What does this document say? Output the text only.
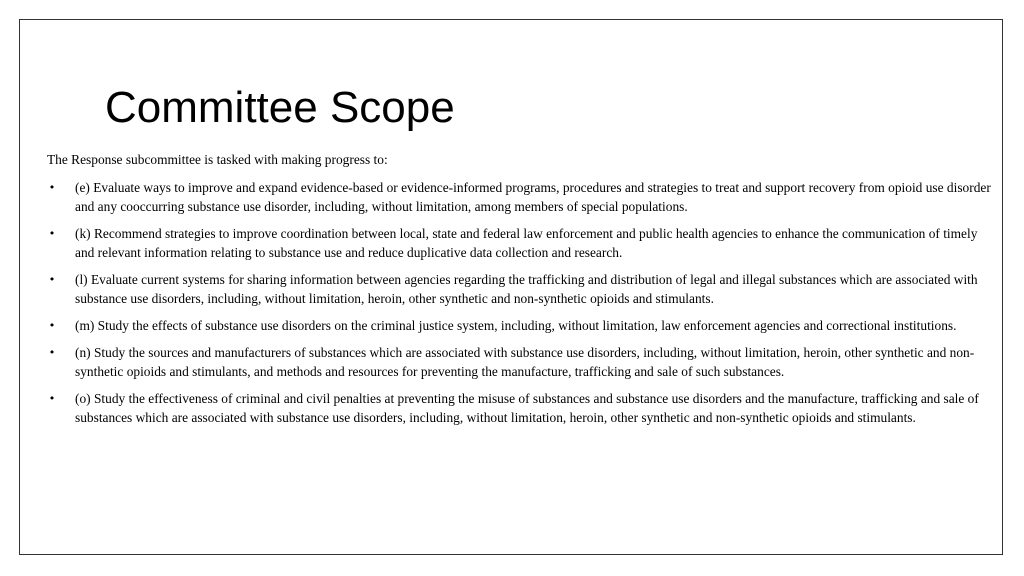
Committee Scope

The Response subcommittee is tasked with making progress to:

• (e) Evaluate ways to improve and expand evidence-based or evidence-informed programs, procedures and strategies to treat and support recovery from opioid use disorder and any cooccurring substance use disorder, including, without limitation, among members of special populations.
• (k) Recommend strategies to improve coordination between local, state and federal law enforcement and public health agencies to enhance the communication of timely and relevant information relating to substance use and reduce duplicative data collection and research.
• (l) Evaluate current systems for sharing information between agencies regarding the trafficking and distribution of legal and illegal substances which are associated with substance use disorders, including, without limitation, heroin, other synthetic and non-synthetic opioids and stimulants.
• (m) Study the effects of substance use disorders on the criminal justice system, including, without limitation, law enforcement agencies and correctional institutions.
• (n) Study the sources and manufacturers of substances which are associated with substance use disorders, including, without limitation, heroin, other synthetic and non-synthetic opioids and stimulants, and methods and resources for preventing the manufacture, trafficking and sale of such substances.
• (o) Study the effectiveness of criminal and civil penalties at preventing the misuse of substances and substance use disorders and the manufacture, trafficking and sale of substances which are associated with substance use disorders, including, without limitation, heroin, other synthetic and non-synthetic opioids and stimulants.
